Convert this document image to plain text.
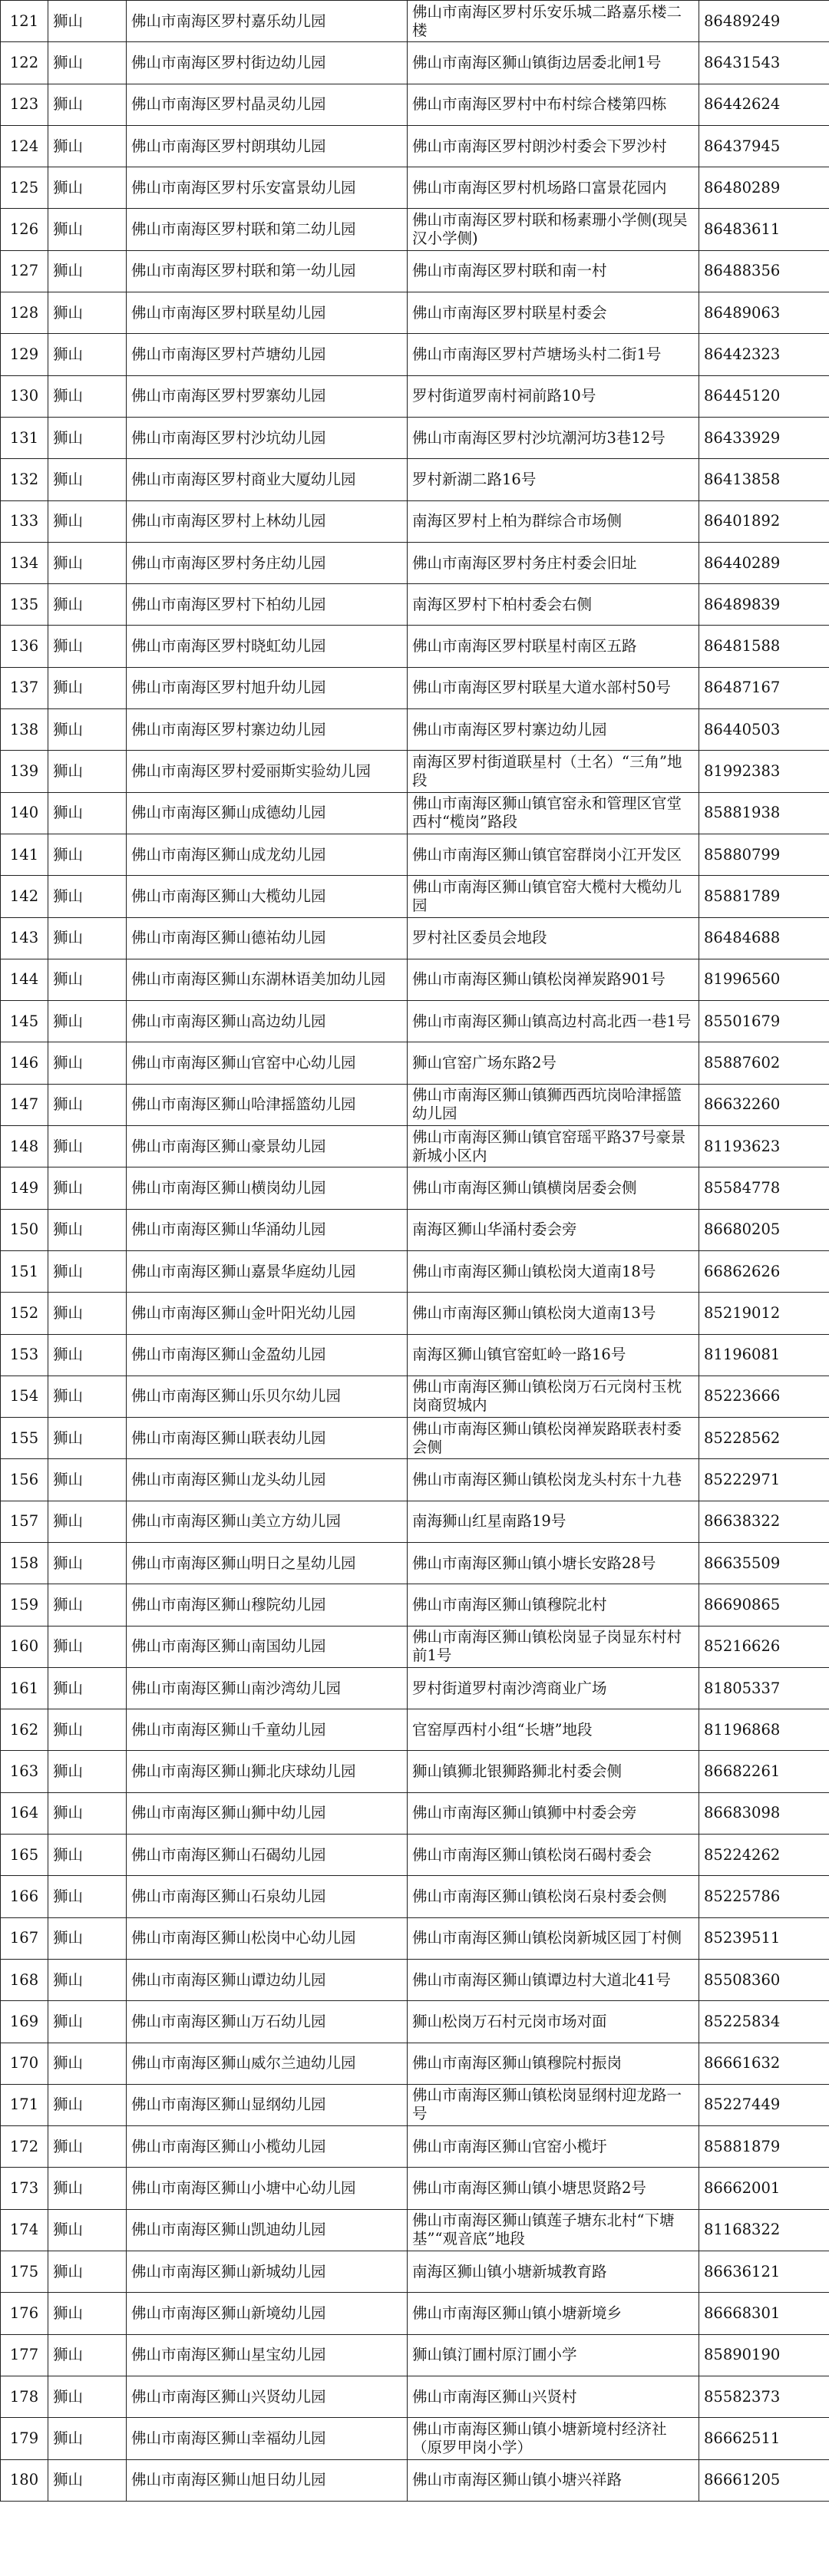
121	狮山	佛山市南海区罗村嘉乐幼儿园	佛山市南海区罗村乐安乐城二路嘉乐楼二楼	86489249
122	狮山	佛山市南海区罗村街边幼儿园	佛山市南海区狮山镇街边居委北闸1号	86431543
123	狮山	佛山市南海区罗村晶灵幼儿园	佛山市南海区罗村中布村综合楼第四栋	86442624
124	狮山	佛山市南海区罗村朗琪幼儿园	佛山市南海区罗村朗沙村委会下罗沙村	86437945
125	狮山	佛山市南海区罗村乐安富景幼儿园	佛山市南海区罗村机场路口富景花园内	86480289
126	狮山	佛山市南海区罗村联和第二幼儿园	佛山市南海区罗村联和杨素珊小学侧(现吴汉小学侧)	86483611
127	狮山	佛山市南海区罗村联和第一幼儿园	佛山市南海区罗村联和南一村	86488356
128	狮山	佛山市南海区罗村联星幼儿园	佛山市南海区罗村联星村委会	86489063
129	狮山	佛山市南海区罗村芦塘幼儿园	佛山市南海区罗村芦塘场头村二街1号	86442323
130	狮山	佛山市南海区罗村罗寨幼儿园	罗村街道罗南村祠前路10号	86445120
131	狮山	佛山市南海区罗村沙坑幼儿园	佛山市南海区罗村沙坑潮河坊3巷12号	86433929
132	狮山	佛山市南海区罗村商业大厦幼儿园	罗村新湖二路16号	86413858
133	狮山	佛山市南海区罗村上林幼儿园	南海区罗村上柏为群综合市场侧	86401892
134	狮山	佛山市南海区罗村务庄幼儿园	佛山市南海区罗村务庄村委会旧址	86440289
135	狮山	佛山市南海区罗村下柏幼儿园	南海区罗村下柏村委会右侧	86489839
136	狮山	佛山市南海区罗村晓虹幼儿园	佛山市南海区罗村联星村南区五路	86481588
137	狮山	佛山市南海区罗村旭升幼儿园	佛山市南海区罗村联星大道水部村50号	86487167
138	狮山	佛山市南海区罗村寨边幼儿园	佛山市南海区罗村寨边幼儿园	86440503
139	狮山	佛山市南海区罗村爱丽斯实验幼儿园	南海区罗村街道联星村（土名）“三角”地段	81992383
140	狮山	佛山市南海区狮山成德幼儿园	佛山市南海区狮山镇官窑永和管理区官堂西村“榄岗”路段	85881938
141	狮山	佛山市南海区狮山成龙幼儿园	佛山市南海区狮山镇官窑群岗小江开发区	85880799
142	狮山	佛山市南海区狮山大榄幼儿园	佛山市南海区狮山镇官窑大榄村大榄幼儿园	85881789
143	狮山	佛山市南海区狮山德祐幼儿园	罗村社区委员会地段	86484688
144	狮山	佛山市南海区狮山东湖林语美加幼儿园	佛山市南海区狮山镇松岗禅炭路901号	81996560
145	狮山	佛山市南海区狮山高边幼儿园	佛山市南海区狮山镇高边村高北西一巷1号	85501679
146	狮山	佛山市南海区狮山官窑中心幼儿园	狮山官窑广场东路2号	85887602
147	狮山	佛山市南海区狮山哈津摇篮幼儿园	佛山市南海区狮山镇狮西西坑岗哈津摇篮幼儿园	86632260
148	狮山	佛山市南海区狮山豪景幼儿园	佛山市南海区狮山镇官窑瑶平路37号豪景新城小区内	81193623
149	狮山	佛山市南海区狮山横岗幼儿园	佛山市南海区狮山镇横岗居委会侧	85584778
150	狮山	佛山市南海区狮山华涌幼儿园	南海区狮山华涌村委会旁	86680205
151	狮山	佛山市南海区狮山嘉景华庭幼儿园	佛山市南海区狮山镇松岗大道南18号	66862626
152	狮山	佛山市南海区狮山金叶阳光幼儿园	佛山市南海区狮山镇松岗大道南13号	85219012
153	狮山	佛山市南海区狮山金盈幼儿园	南海区狮山镇官窑虹岭一路16号	81196081
154	狮山	佛山市南海区狮山乐贝尔幼儿园	佛山市南海区狮山镇松岗万石元岗村玉枕岗商贸城内	85223666
155	狮山	佛山市南海区狮山联表幼儿园	佛山市南海区狮山镇松岗禅炭路联表村委会侧	85228562
156	狮山	佛山市南海区狮山龙头幼儿园	佛山市南海区狮山镇松岗龙头村东十九巷	85222971
157	狮山	佛山市南海区狮山美立方幼儿园	南海狮山红星南路19号	86638322
158	狮山	佛山市南海区狮山明日之星幼儿园	佛山市南海区狮山镇小塘长安路28号	86635509
159	狮山	佛山市南海区狮山穆院幼儿园	佛山市南海区狮山镇穆院北村	86690865
160	狮山	佛山市南海区狮山南国幼儿园	佛山市南海区狮山镇松岗显子岗显东村村前1号	85216626
161	狮山	佛山市南海区狮山南沙湾幼儿园	罗村街道罗村南沙湾商业广场	81805337
162	狮山	佛山市南海区狮山千童幼儿园	官窑厚西村小组“长塘”地段	81196868
163	狮山	佛山市南海区狮山狮北庆球幼儿园	狮山镇狮北银狮路狮北村委会侧	86682261
164	狮山	佛山市南海区狮山狮中幼儿园	佛山市南海区狮山镇狮中村委会旁	86683098
165	狮山	佛山市南海区狮山石碣幼儿园	佛山市南海区狮山镇松岗石碣村委会	85224262
166	狮山	佛山市南海区狮山石泉幼儿园	佛山市南海区狮山镇松岗石泉村委会侧	85225786
167	狮山	佛山市南海区狮山松岗中心幼儿园	佛山市南海区狮山镇松岗新城区园丁村侧	85239511
168	狮山	佛山市南海区狮山谭边幼儿园	佛山市南海区狮山镇谭边村大道北41号	85508360
169	狮山	佛山市南海区狮山万石幼儿园	狮山松岗万石村元岗市场对面	85225834
170	狮山	佛山市南海区狮山威尔兰迪幼儿园	佛山市南海区狮山镇穆院村振岗	86661632
171	狮山	佛山市南海区狮山显纲幼儿园	佛山市南海区狮山镇松岗显纲村迎龙路一号	85227449
172	狮山	佛山市南海区狮山小榄幼儿园	佛山市南海区狮山官窑小榄圩	85881879
173	狮山	佛山市南海区狮山小塘中心幼儿园	佛山市南海区狮山镇小塘思贤路2号	86662001
174	狮山	佛山市南海区狮山凯迪幼儿园	佛山市南海区狮山镇莲子塘东北村“下塘基”“观音底”地段	81168322
175	狮山	佛山市南海区狮山新城幼儿园	南海区狮山镇小塘新城教育路	86636121
176	狮山	佛山市南海区狮山新境幼儿园	佛山市南海区狮山镇小塘新境乡	86668301
177	狮山	佛山市南海区狮山星宝幼儿园	狮山镇汀圃村原汀圃小学	85890190
178	狮山	佛山市南海区狮山兴贤幼儿园	佛山市南海区狮山兴贤村	85582373
179	狮山	佛山市南海区狮山幸福幼儿园	佛山市南海区狮山镇小塘新境村经济社（原罗甲岗小学）	86662511
180	狮山	佛山市南海区狮山旭日幼儿园	佛山市南海区狮山镇小塘兴祥路	86661205
